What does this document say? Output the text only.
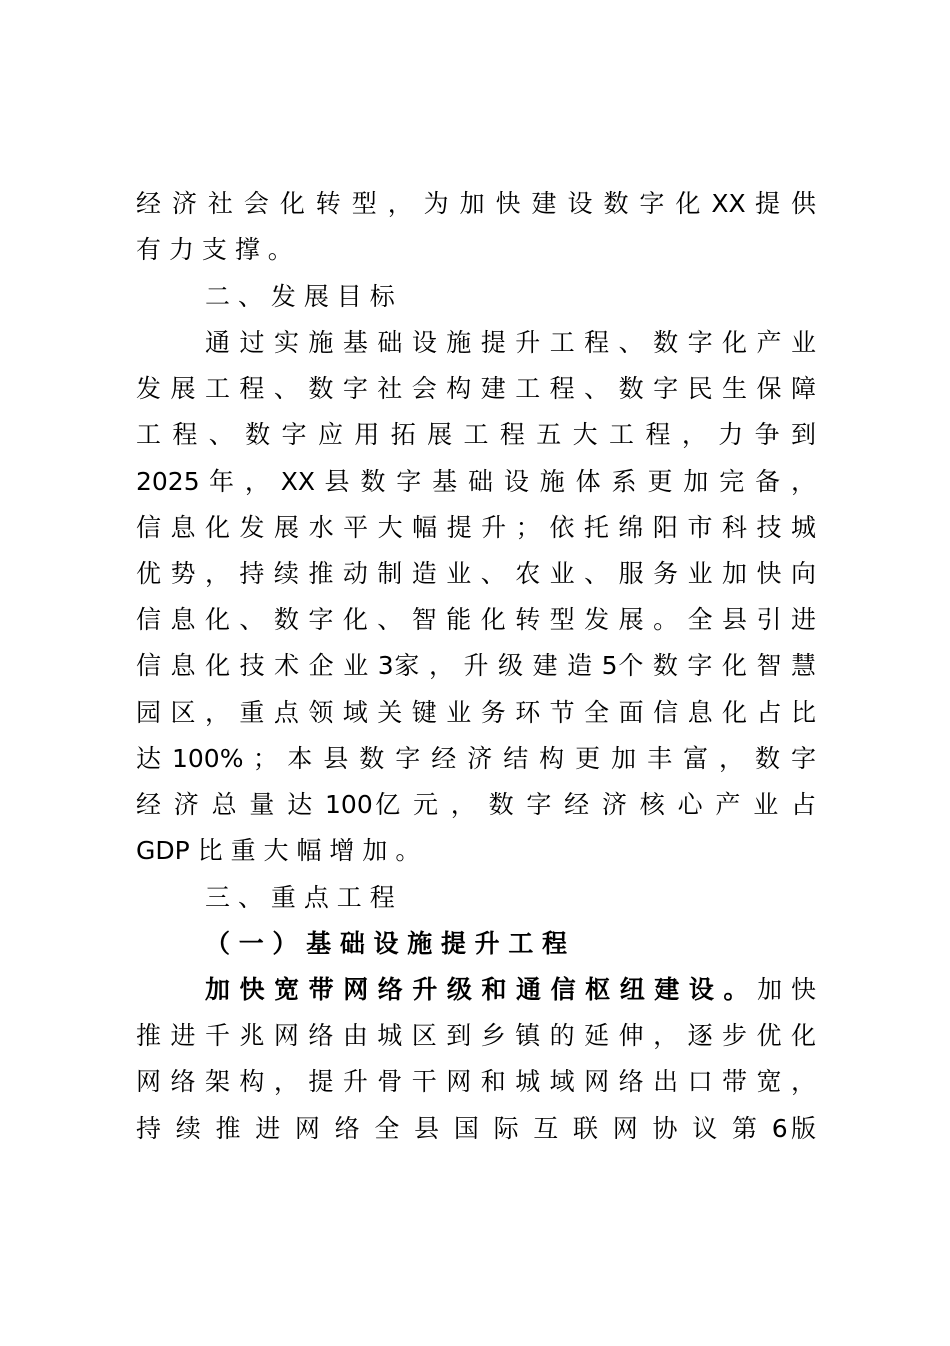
经 济 社 会 化 转 型 ， 为 加 快 建 设 数 字 化 XX 提 供
有 力 支 撑 。
二 、 发 展 目 标
通 过 实 施 基 础 设 施 提 升 工 程 、 数 字 化 产 业
发 展 工 程 、 数 字 社 会 构 建 工 程 、 数 字 民 生 保 障
工 程 、 数 字 应 用 拓 展 工 程 五 大 工 程 ， 力 争 到
2025 年 ， XX 县 数 字 基 础 设 施 体 系 更 加 完 备 ，
信 息 化 发 展 水 平 大 幅 提 升 ； 依 托 绵 阳 市 科 技 城
优 势 ， 持 续 推 动 制 造 业 、 农 业 、 服 务 业 加 快 向
信 息 化 、 数 字 化 、 智 能 化 转 型 发 展 。 全 县 引 进
信 息 化 技 术 企 业 3家 ， 升 级 建 造 5个 数 字 化 智 慧
园 区 ， 重 点 领 域 关 键 业 务 环 节 全 面 信 息 化 占 比
达 100% ； 本 县 数 字 经 济 结 构 更 加 丰 富 ， 数 字
经 济 总 量 达 100亿 元 ， 数 字 经 济 核 心 产 业 占
GDP 比 重 大 幅 增 加 。
三 、 重 点 工 程
（ 一 ） 基 础 设 施 提 升 工 程
加 快 宽 带 网 络 升 级 和 通 信 枢 纽 建 设 。 加 快
推 进 千 兆 网 络 由 城 区 到 乡 镇 的 延 伸 ， 逐 步 优 化
网 络 架 构 ， 提 升 骨 干 网 和 城 域 网 络 出 口 带 宽 ，
持 续 推 进 网 络 全 县 国 际 互 联 网 协 议 第 6版
